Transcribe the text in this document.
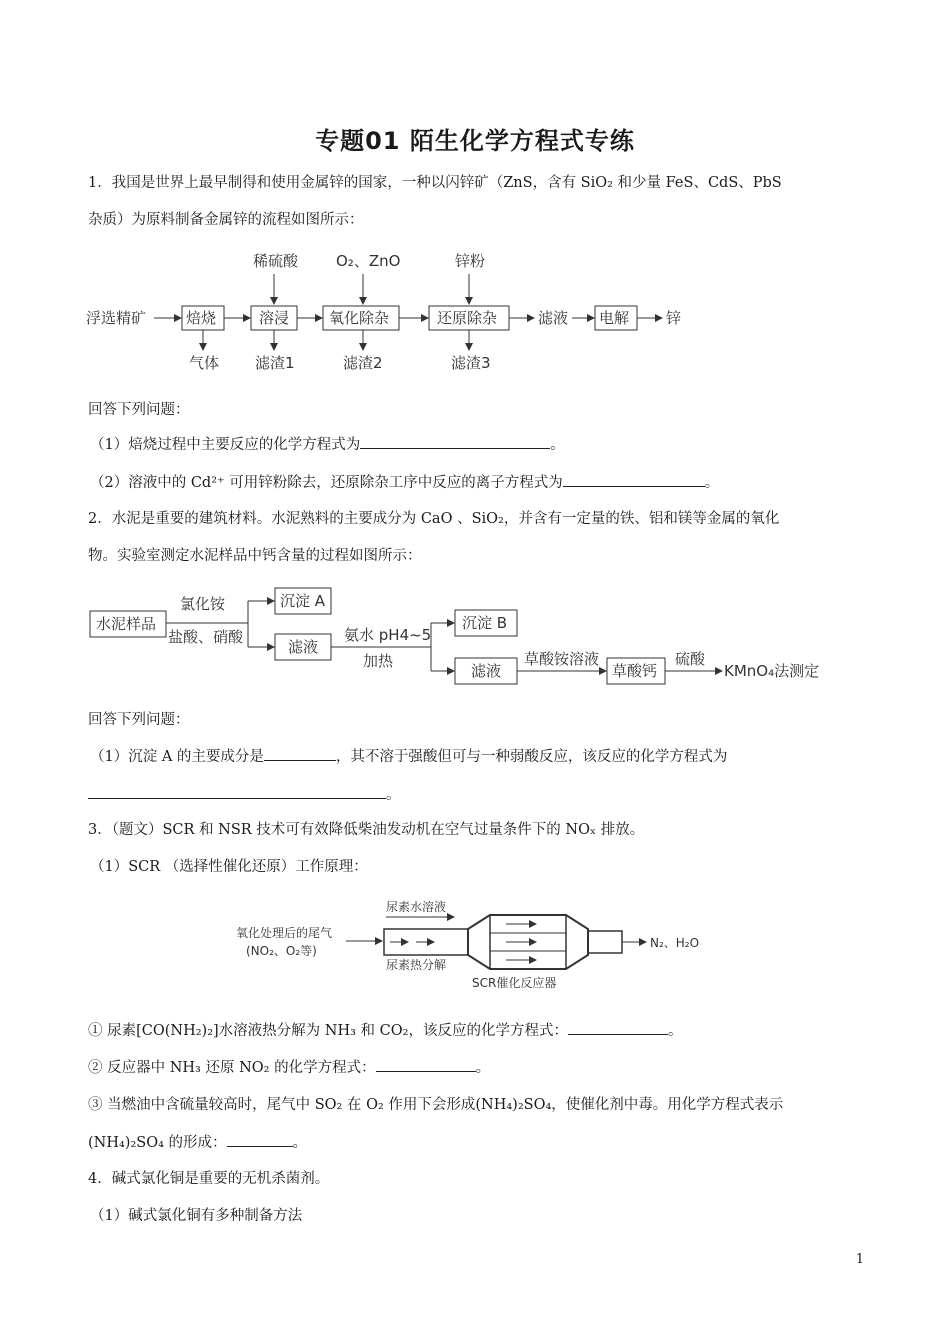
专题01 陌生化学方程式专练
1．我国是世界上最早制得和使用金属锌的国家，一种以闪锌矿（ZnS，含有 SiO₂ 和少量 FeS、CdS、PbS
杂质）为原料制备金属锌的流程如图所示：
浮选精矿	焙烧	溶浸	氧化除杂	还原除杂	滤液 电解 锌
稀硫酸	O₂、ZnO	锌粉
气体 滤渣1	滤渣2	滤渣3
回答下列问题：
（1）焙烧过程中主要反应的化学方程式为	。
（2）溶液中的 Cd²⁺ 可用锌粉除去，还原除杂工序中反应的离子方程式为	。
2．水泥是重要的建筑材料。水泥熟料的主要成分为 CaO 、SiO₂，并含有一定量的铁、铝和镁等金属的氧化
物。实验室测定水泥样品中钙含量的过程如图所示：
水泥样品
氯化铵
盐酸、硝酸
沉淀 A
滤液
氨水 pH4~5
加热
沉淀 B
滤液
草酸铵溶液
草酸钙
硫酸
KMnO₄法测定
回答下列问题：
（1）沉淀 A 的主要成分是	，其不溶于强酸但可与一种弱酸反应，该反应的化学方程式为
。
3．（题文）SCR 和 NSR 技术可有效降低柴油发动机在空气过量条件下的 NOₓ 排放。
（1）SCR （选择性催化还原）工作原理：
氧化处理后的尾气
(NO₂、O₂等)
尿素水溶液
尿素热分解
N₂、H₂O
SCR催化反应器
① 尿素[CO(NH₂)₂]水溶液热分解为 NH₃ 和 CO₂，该反应的化学方程式：	。
② 反应器中 NH₃ 还原 NO₂ 的化学方程式：	。
③ 当燃油中含硫量较高时，尾气中 SO₂ 在 O₂ 作用下会形成(NH₄)₂SO₄，使催化剂中毒。用化学方程式表示
(NH₄)₂SO₄ 的形成：	。
4．碱式氯化铜是重要的无机杀菌剂。
（1）碱式氯化铜有多种制备方法
1
